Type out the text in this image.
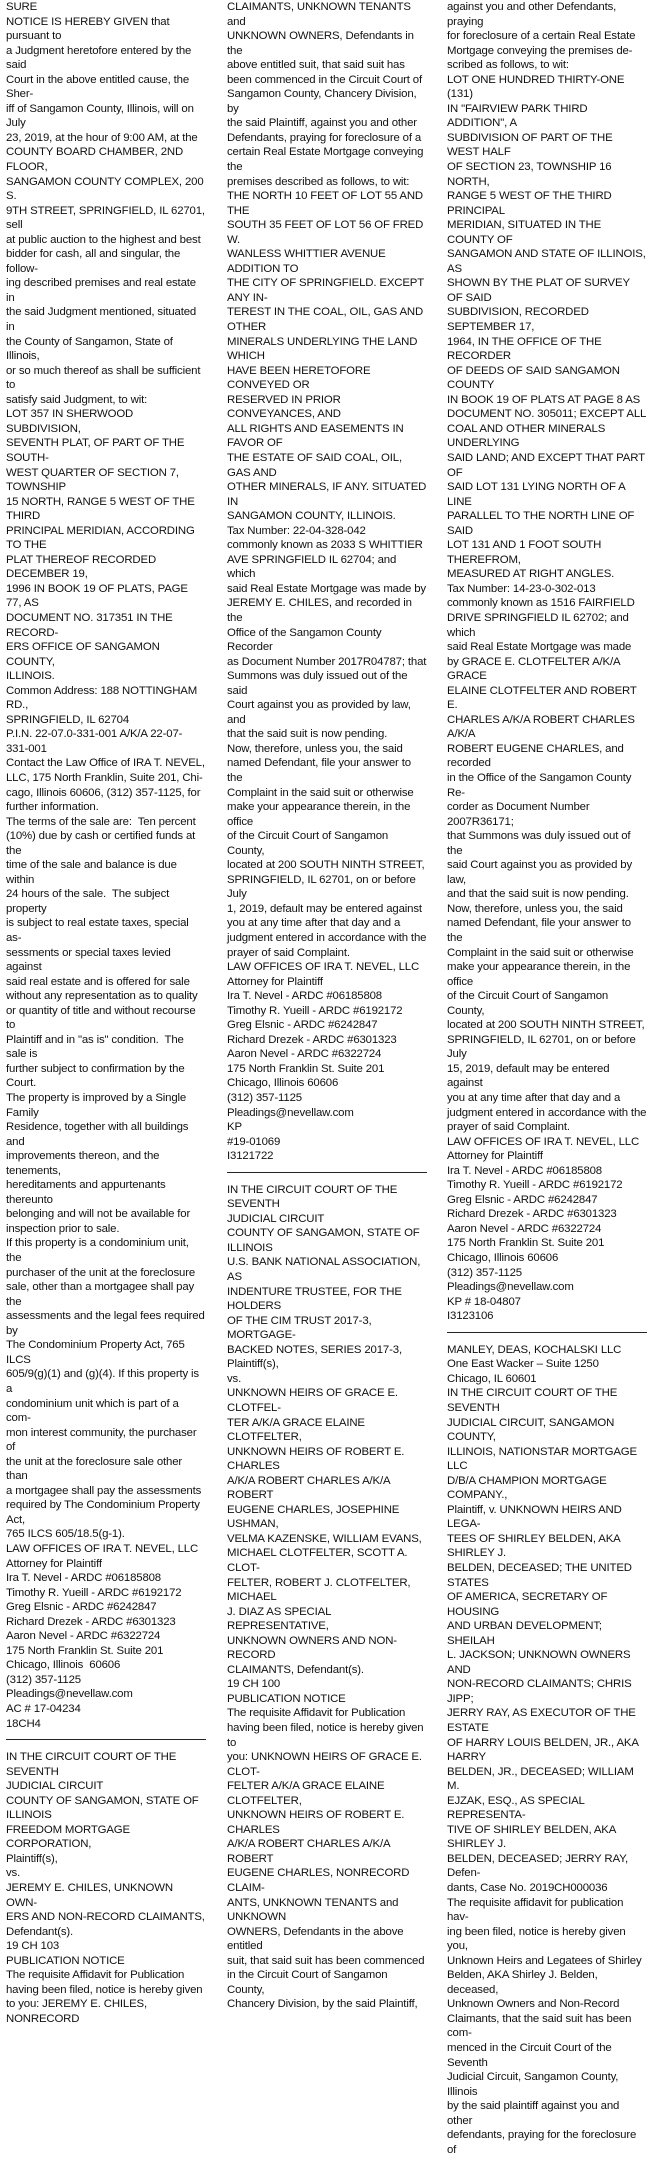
SURE

NOTICE IS HEREBY GIVEN that pursuant to

a Judgment heretofore entered by the said

Court in the above entitled cause, the Sher-

iff of Sangamon County, Illinois, will on July

23, 2019, at the hour of 9:00 AM, at the

COUNTY BOARD CHAMBER, 2ND FLOOR,

SANGAMON COUNTY COMPLEX, 200 S.

9TH STREET, SPRINGFIELD, IL 62701, sell

at public auction to the highest and best

bidder for cash, all and singular, the follow-

ing described premises and real estate in

the said Judgment mentioned, situated in

the County of Sangamon, State of Illinois,

or so much thereof as shall be sufficient to

satisfy said Judgment, to wit:

LOT 357 IN SHERWOOD SUBDIVISION,

SEVENTH PLAT, OF PART OF THE SOUTH-

WEST QUARTER OF SECTION 7, TOWNSHIP

15 NORTH, RANGE 5 WEST OF THE THIRD

PRINCIPAL MERIDIAN, ACCORDING TO THE

PLAT THEREOF RECORDED DECEMBER 19,

1996 IN BOOK 19 OF PLATS, PAGE 77, AS

DOCUMENT NO. 317351 IN THE RECORD-

ERS OFFICE OF SANGAMON COUNTY,

ILLINOIS.

Common Address: 188 NOTTINGHAM RD.,

SPRINGFIELD, IL 62704

P.I.N. 22-07.0-331-001 A/K/A 22-07-

331-001

Contact the Law Office of IRA T. NEVEL,

LLC, 175 North Franklin, Suite 201, Chi-

cago, Illinois 60606, (312) 357-1125, for

further information.

The terms of the sale are:  Ten percent

(10%) due by cash or certified funds at the

time of the sale and balance is due within

24 hours of the sale.  The subject property

is subject to real estate taxes, special as-

sessments or special taxes levied against

said real estate and is offered for sale

without any representation as to quality

or quantity of title and without recourse to

Plaintiff and in "as is" condition.  The sale is

further subject to confirmation by the Court.

The property is improved by a Single Family

Residence, together with all buildings and

improvements thereon, and the tenements,

hereditaments and appurtenants thereunto

belonging and will not be available for

inspection prior to sale.

If this property is a condominium unit, the

purchaser of the unit at the foreclosure

sale, other than a mortgagee shall pay the

assessments and the legal fees required by

The Condominium Property Act, 765 ILCS

605/9(g)(1) and (g)(4). If this property is a

condominium unit which is part of a com-

mon interest community, the purchaser of

the unit at the foreclosure sale other than

a mortgagee shall pay the assessments

required by The Condominium Property Act,

765 ILCS 605/18.5(g-1).

LAW OFFICES OF IRA T. NEVEL, LLC

Attorney for Plaintiff

Ira T. Nevel - ARDC #06185808

Timothy R. Yueill - ARDC #6192172

Greg Elsnic - ARDC #6242847

Richard Drezek - ARDC #6301323

Aaron Nevel - ARDC #6322724

175 North Franklin St. Suite 201

Chicago, Illinois  60606

(312) 357-1125

Pleadings@nevellaw.com

AC # 17-04234

18CH4

IN THE CIRCUIT COURT OF THE SEVENTH

JUDICIAL CIRCUIT

COUNTY OF SANGAMON, STATE OF

ILLINOIS

FREEDOM MORTGAGE CORPORATION,

Plaintiff(s),

vs.

JEREMY E. CHILES, UNKNOWN OWN-

ERS AND NON-RECORD CLAIMANTS,

Defendant(s).

19 CH 103

PUBLICATION NOTICE

The requisite Affidavit for Publication

having been filed, notice is hereby given

to you: JEREMY E. CHILES, NONRECORD

CLAIMANTS, UNKNOWN TENANTS and

UNKNOWN OWNERS, Defendants in the

above entitled suit, that said suit has

been commenced in the Circuit Court of

Sangamon County, Chancery Division, by

the said Plaintiff, against you and other

Defendants, praying for foreclosure of a

certain Real Estate Mortgage conveying the

premises described as follows, to wit:

THE NORTH 10 FEET OF LOT 55 AND THE

SOUTH 35 FEET OF LOT 56 OF FRED W.

WANLESS WHITTIER AVENUE ADDITION TO

THE CITY OF SPRINGFIELD. EXCEPT ANY IN-

TEREST IN THE COAL, OIL, GAS AND OTHER

MINERALS UNDERLYING THE LAND WHICH

HAVE BEEN HERETOFORE CONVEYED OR

RESERVED IN PRIOR CONVEYANCES, AND

ALL RIGHTS AND EASEMENTS IN FAVOR OF

THE ESTATE OF SAID COAL, OIL, GAS AND

OTHER MINERALS, IF ANY. SITUATED IN

SANGAMON COUNTY, ILLINOIS.

Tax Number: 22-04-328-042

commonly known as 2033 S WHITTIER

AVE SPRINGFIELD IL 62704; and which

said Real Estate Mortgage was made by

JEREMY E. CHILES, and recorded in the

Office of the Sangamon County Recorder

as Document Number 2017R04787; that

Summons was duly issued out of the said

Court against you as provided by law, and

that the said suit is now pending.

Now, therefore, unless you, the said

named Defendant, file your answer to the

Complaint in the said suit or otherwise

make your appearance therein, in the office

of the Circuit Court of Sangamon County,

located at 200 SOUTH NINTH STREET,

SPRINGFIELD, IL 62701, on or before July

1, 2019, default may be entered against

you at any time after that day and a

judgment entered in accordance with the

prayer of said Complaint.

LAW OFFICES OF IRA T. NEVEL, LLC

Attorney for Plaintiff

Ira T. Nevel - ARDC #06185808

Timothy R. Yueill - ARDC #6192172

Greg Elsnic - ARDC #6242847

Richard Drezek - ARDC #6301323

Aaron Nevel - ARDC #6322724

175 North Franklin St. Suite 201

Chicago, Illinois 60606

(312) 357-1125

Pleadings@nevellaw.com

KP

#19-01069

I3121722

IN THE CIRCUIT COURT OF THE SEVENTH

JUDICIAL CIRCUIT

COUNTY OF SANGAMON, STATE OF

ILLINOIS

U.S. BANK NATIONAL ASSOCIATION, AS

INDENTURE TRUSTEE, FOR THE HOLDERS

OF THE CIM TRUST 2017-3, MORTGAGE-

BACKED NOTES, SERIES 2017-3,

Plaintiff(s),

vs.

UNKNOWN HEIRS OF GRACE E. CLOTFEL-

TER A/K/A GRACE ELAINE CLOTFELTER,

UNKNOWN HEIRS OF ROBERT E. CHARLES

A/K/A ROBERT CHARLES A/K/A ROBERT

EUGENE CHARLES, JOSEPHINE USHMAN,

VELMA KAZENSKE, WILLIAM EVANS,

MICHAEL CLOTFELTER, SCOTT A. CLOT-

FELTER, ROBERT J. CLOTFELTER, MICHAEL

J. DIAZ AS SPECIAL REPRESENTATIVE,

UNKNOWN OWNERS AND NON-RECORD

CLAIMANTS, Defendant(s).

19 CH 100

PUBLICATION NOTICE

The requisite Affidavit for Publication

having been filed, notice is hereby given to

you: UNKNOWN HEIRS OF GRACE E. CLOT-

FELTER A/K/A GRACE ELAINE CLOTFELTER,

UNKNOWN HEIRS OF ROBERT E. CHARLES

A/K/A ROBERT CHARLES A/K/A ROBERT

EUGENE CHARLES, NONRECORD CLAIM-

ANTS, UNKNOWN TENANTS and UNKNOWN

OWNERS, Defendants in the above entitled

suit, that said suit has been commenced

in the Circuit Court of Sangamon County,

Chancery Division, by the said Plaintiff,

against you and other Defendants, praying

for foreclosure of a certain Real Estate

Mortgage conveying the premises de-

scribed as follows, to wit:

LOT ONE HUNDRED THIRTY-ONE (131)

IN "FAIRVIEW PARK THIRD ADDITION", A

SUBDIVISION OF PART OF THE WEST HALF

OF SECTION 23, TOWNSHIP 16 NORTH,

RANGE 5 WEST OF THE THIRD PRINCIPAL

MERIDIAN, SITUATED IN THE COUNTY OF

SANGAMON AND STATE OF ILLINOIS, AS

SHOWN BY THE PLAT OF SURVEY OF SAID

SUBDIVISION, RECORDED SEPTEMBER 17,

1964, IN THE OFFICE OF THE RECORDER

OF DEEDS OF SAID SANGAMON COUNTY

IN BOOK 19 OF PLATS AT PAGE 8 AS

DOCUMENT NO. 305011; EXCEPT ALL

COAL AND OTHER MINERALS UNDERLYING

SAID LAND; AND EXCEPT THAT PART OF

SAID LOT 131 LYING NORTH OF A LINE

PARALLEL TO THE NORTH LINE OF SAID

LOT 131 AND 1 FOOT SOUTH THEREFROM,

MEASURED AT RIGHT ANGLES.

Tax Number: 14-23-0-302-013

commonly known as 1516 FAIRFIELD

DRIVE SPRINGFIELD IL 62702; and which

said Real Estate Mortgage was made

by GRACE E. CLOTFELTER A/K/A GRACE

ELAINE CLOTFELTER AND ROBERT E.

CHARLES A/K/A ROBERT CHARLES A/K/A

ROBERT EUGENE CHARLES, and recorded

in the Office of the Sangamon County Re-

corder as Document Number 2007R36171;

that Summons was duly issued out of the

said Court against you as provided by law,

and that the said suit is now pending.

Now, therefore, unless you, the said

named Defendant, file your answer to the

Complaint in the said suit or otherwise

make your appearance therein, in the office

of the Circuit Court of Sangamon County,

located at 200 SOUTH NINTH STREET,

SPRINGFIELD, IL 62701, on or before July

15, 2019, default may be entered against

you at any time after that day and a

judgment entered in accordance with the

prayer of said Complaint.

LAW OFFICES OF IRA T. NEVEL, LLC

Attorney for Plaintiff

Ira T. Nevel - ARDC #06185808

Timothy R. Yueill - ARDC #6192172

Greg Elsnic - ARDC #6242847

Richard Drezek - ARDC #6301323

Aaron Nevel - ARDC #6322724

175 North Franklin St. Suite 201

Chicago, Illinois 60606

(312) 357-1125

Pleadings@nevellaw.com

KP # 18-04807

I3123106

MANLEY, DEAS, KOCHALSKI LLC

One East Wacker – Suite 1250

Chicago, IL 60601

IN THE CIRCUIT COURT OF THE SEVENTH

JUDICIAL CIRCUIT, SANGAMON COUNTY,

ILLINOIS, NATIONSTAR MORTGAGE LLC

D/B/A CHAMPION MORTGAGE COMPANY.,

Plaintiff, v. UNKNOWN HEIRS AND LEGA-

TEES OF SHIRLEY BELDEN, AKA SHIRLEY J.

BELDEN, DECEASED; THE UNITED STATES

OF AMERICA, SECRETARY OF HOUSING

AND URBAN DEVELOPMENT; SHEILAH

L. JACKSON; UNKNOWN OWNERS AND

NON-RECORD CLAIMANTS; CHRIS JIPP;

JERRY RAY, AS EXECUTOR OF THE ESTATE

OF HARRY LOUIS BELDEN, JR., AKA HARRY

BELDEN, JR., DECEASED; WILLIAM M.

EJZAK, ESQ., AS SPECIAL REPRESENTA-

TIVE OF SHIRLEY BELDEN, AKA SHIRLEY J.

BELDEN, DECEASED; JERRY RAY, Defen-

dants, Case No. 2019CH000036

The requisite affidavit for publication hav-

ing been filed, notice is hereby given you,

Unknown Heirs and Legatees of Shirley

Belden, AKA Shirley J. Belden, deceased,

Unknown Owners and Non-Record

Claimants, that the said suit has been com-

menced in the Circuit Court of the Seventh

Judicial Circuit, Sangamon County, Illinois

by the said plaintiff against you and other

defendants, praying for the foreclosure of
